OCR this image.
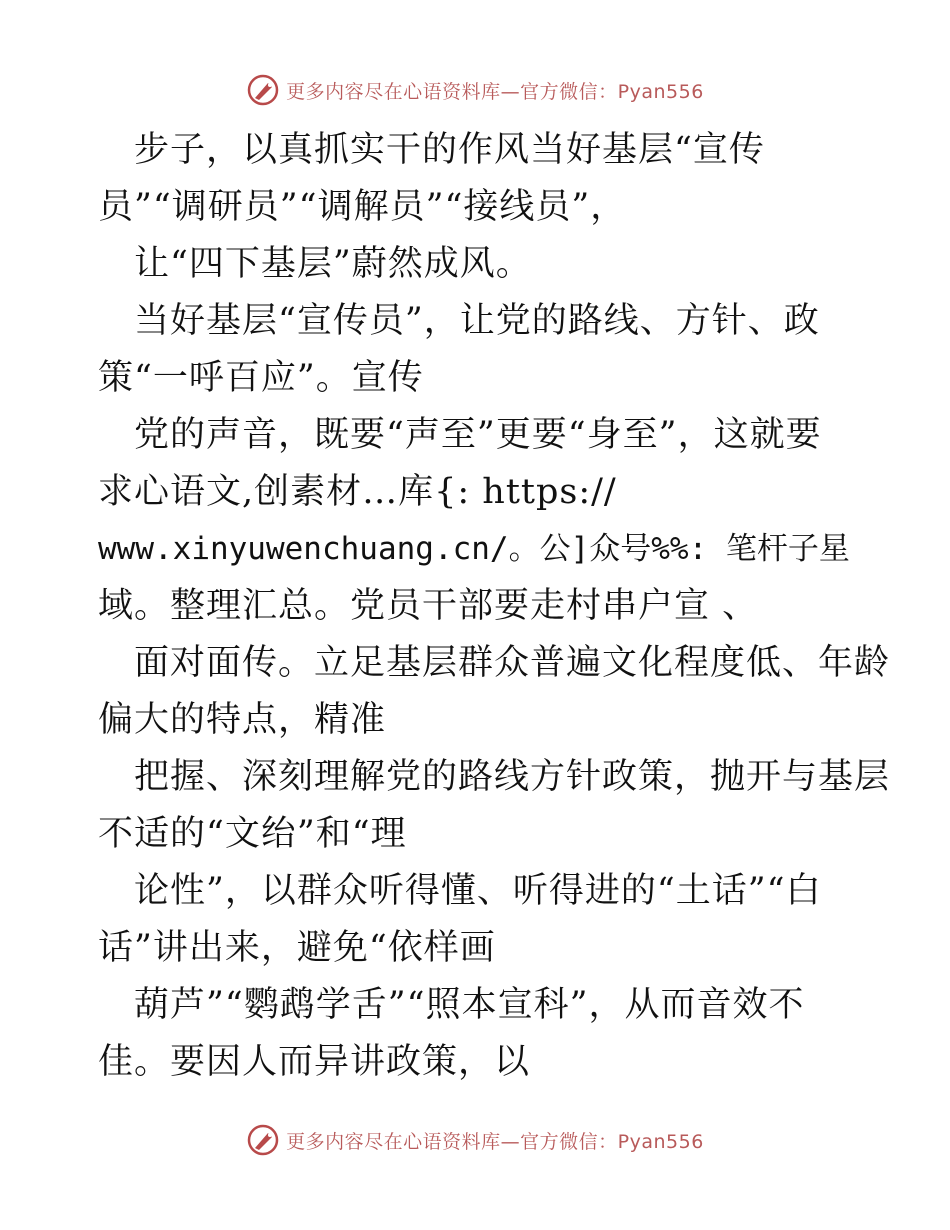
更多内容尽在心语资料库—官方微信：Pyan556
步子，以真抓实干的作风当好基层“宣传
员”“调研员”“调解员”“接线员”，
让“四下基层”蔚然成风。
当好基层“宣传员”，让党的路线、方针、政
策“一呼百应”。宣传
党的声音，既要“声至”更要“身至”，这就要
求心语文,创素材…库{: https://
www.xinyuwenchuang.cn/。公]众号%%: 笔杆子星
域。整理汇总。党员干部要走村串户宣 、
面对面传。立足基层群众普遍文化程度低、年龄
偏大的特点，精准
把握、深刻理解党的路线方针政策，抛开与基层
不适的“文绐”和“理
论性”，以群众听得懂、听得进的“土话”“白
话”讲出来，避免“依样画
葫芦”“鹦鹉学舌”“照本宣科”，从而音效不
佳。要因人而异讲政策，以
更多内容尽在心语资料库—官方微信：Pyan556
